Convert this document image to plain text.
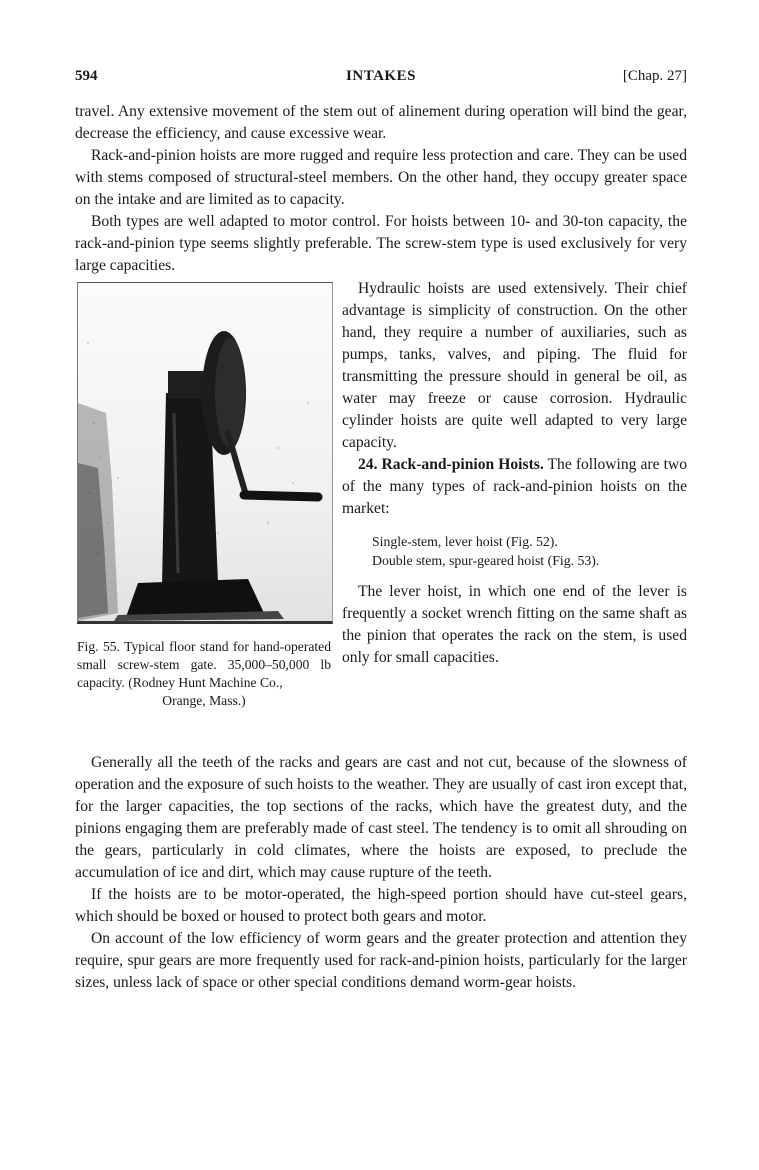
594	INTAKES	[Chap. 27]

travel. Any extensive movement of the stem out of alinement during operation will bind the gear, decrease the efficiency, and cause excessive wear.

Rack-and-pinion hoists are more rugged and require less protection and care. They can be used with stems composed of structural-steel members. On the other hand, they occupy greater space on the intake and are limited as to capacity.

Both types are well adapted to motor control. For hoists between 10- and 30-ton capacity, the rack-and-pinion type seems slightly preferable. The screw-stem type is used exclusively for very large capacities.

Fig. 55. Typical floor stand for hand-operated small screw-stem gate. 35,000–50,000 lb capacity. (Rodney Hunt Machine Co.,
Orange, Mass.)

Hydraulic hoists are used extensively. Their chief advantage is simplicity of construction. On the other hand, they require a number of auxiliaries, such as pumps, tanks, valves, and piping. The fluid for transmitting the pressure should in general be oil, as water may freeze or cause corrosion. Hydraulic cylinder hoists are quite well adapted to very large capacity.

24. Rack-and-pinion Hoists. The following are two of the many types of rack-and-pinion hoists on the market:

Single-stem, lever hoist (Fig. 52).
Double stem, spur-geared hoist (Fig. 53).

The lever hoist, in which one end of the lever is frequently a socket wrench fitting on the same shaft as the pinion that operates the rack on the stem, is used only for small capacities.

Generally all the teeth of the racks and gears are cast and not cut, because of the slowness of operation and the exposure of such hoists to the weather. They are usually of cast iron except that, for the larger capacities, the top sections of the racks, which have the greatest duty, and the pinions engaging them are preferably made of cast steel. The tendency is to omit all shrouding on the gears, particularly in cold climates, where the hoists are exposed, to preclude the accumulation of ice and dirt, which may cause rupture of the teeth.

If the hoists are to be motor-operated, the high-speed portion should have cut-steel gears, which should be boxed or housed to protect both gears and motor.

On account of the low efficiency of worm gears and the greater protection and attention they require, spur gears are more frequently used for rack-and-pinion hoists, particularly for the larger sizes, unless lack of space or other special conditions demand worm-gear hoists.
